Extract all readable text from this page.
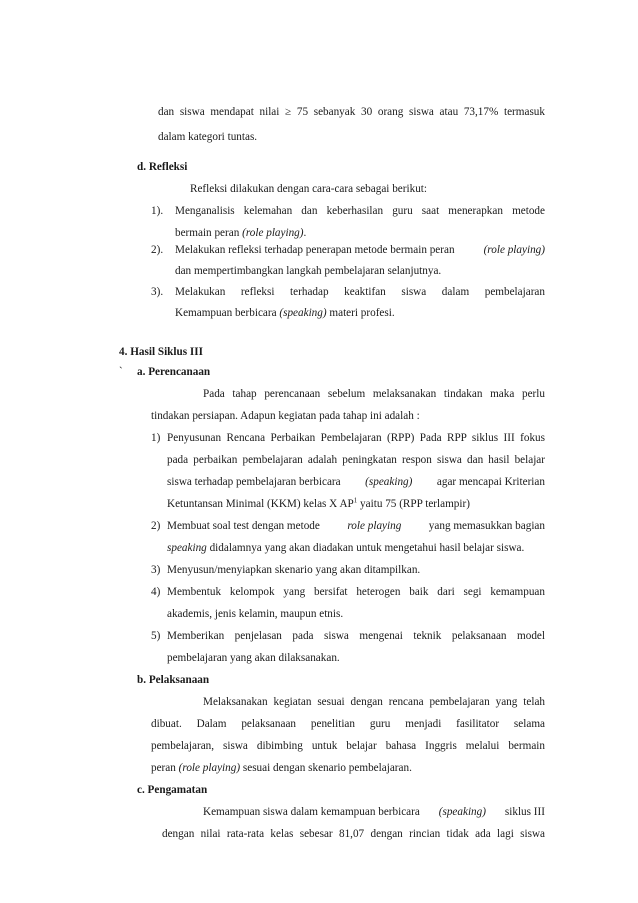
dan siswa mendapat nilai ≥ 75 sebanyak 30 orang siswa atau 73,17% termasuk
dalam kategori tuntas.
d. Refleksi
Refleksi dilakukan dengan cara-cara sebagai berikut:
1). Menganalisis kelemahan dan keberhasilan guru saat menerapkan metode
bermain peran (role playing).
2). Melakukan refleksi terhadap penerapan metode bermain peran	(role playing)
dan mempertimbangkan langkah pembelajaran selanjutnya.
3). Melakukan refleksi terhadap keaktifan siswa dalam pembelajaran
Kemampuan berbicara (speaking) materi profesi.
4. Hasil Siklus III
` a. Perencanaan
Pada tahap perencanaan sebelum melaksanakan tindakan maka perlu
tindakan persiapan. Adapun kegiatan pada tahap ini adalah :
1) Penyusunan Rencana Perbaikan Pembelajaran (RPP) Pada RPP siklus III fokus
pada perbaikan pembelajaran adalah peningkatan respon siswa dan hasil belajar
siswa terhadap pembelajaran berbicara (speaking) agar mencapai Kriterian
Ketuntansan Minimal (KKM) kelas X $AP^1$ yaitu 75 (RPP terlampir)
2) Membuat soal test dengan metode role playing yang memasukkan bagian
speaking didalamnya yang akan diadakan untuk mengetahui hasil belajar siswa.
3) Menyusun/menyiapkan skenario yang akan ditampilkan.
4) Membentuk kelompok yang bersifat heterogen baik dari segi kemampuan
akademis, jenis kelamin, maupun etnis.
5) Memberikan penjelasan pada siswa mengenai teknik pelaksanaan model
pembelajaran yang akan dilaksanakan.
b. Pelaksanaan
Melaksanakan kegiatan sesuai dengan rencana pembelajaran yang telah
dibuat. Dalam pelaksanaan penelitian guru menjadi fasilitator selama
pembelajaran, siswa dibimbing untuk belajar bahasa Inggris melalui bermain
peran (role playing) sesuai dengan skenario pembelajaran.
c. Pengamatan
Kemampuan siswa dalam kemampuan berbicara (speaking) siklus III
dengan nilai rata-rata kelas sebesar 81,07 dengan rincian tidak ada lagi siswa
